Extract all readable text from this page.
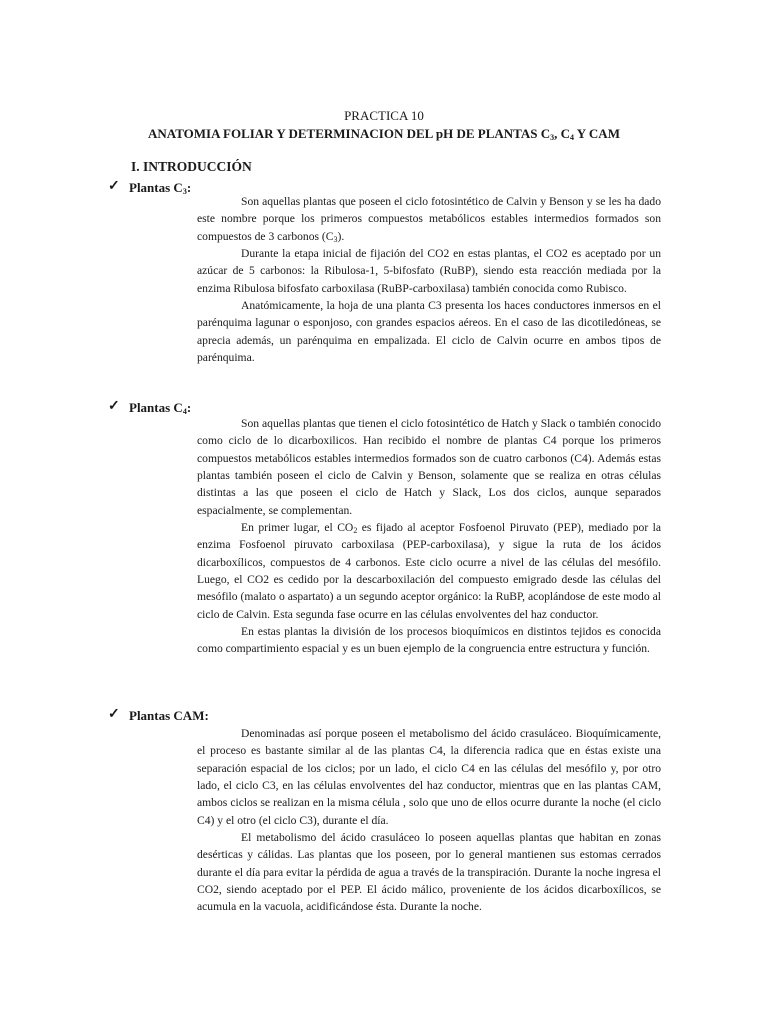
PRACTICA 10
ANATOMIA FOLIAR Y DETERMINACION DEL pH DE PLANTAS $C_3$, $C_4$ Y CAM
I. INTRODUCCIÓN
✓ Plantas $C_3$:

Son aquellas plantas que poseen el ciclo fotosintético de Calvin y Benson y se les ha dado este nombre porque los primeros compuestos metabólicos estables intermedios formados son compuestos de 3 carbonos $(C_3)$.

Durante la etapa inicial de fijación del CO2 en estas plantas, el CO2 es aceptado por un azúcar de 5 carbonos: la Ribulosa-1, 5-bifosfato (RuBP), siendo esta reacción mediada por la enzima Ribulosa bifosfato carboxilasa (RuBP-carboxilasa) también conocida como Rubisco.

Anatómicamente, la hoja de una planta C3 presenta los haces conductores inmersos en el parénquima lagunar o esponjoso, con grandes espacios aéreos. En el caso de las dicotiledóneas, se aprecia además, un parénquima en empalizada. El ciclo de Calvin ocurre en ambos tipos de parénquima.

✓ Plantas $C_4$:

Son aquellas plantas que tienen el ciclo fotosintético de Hatch y Slack o también conocido como ciclo de lo dicarboxilicos. Han recibido el nombre de plantas C4 porque los primeros compuestos metabólicos estables intermedios formados son de cuatro carbonos (C4). Además estas plantas también poseen el ciclo de Calvin y Benson, solamente que se realiza en otras células distintas a las que poseen el ciclo de Hatch y Slack, Los dos ciclos, aunque separados espacialmente, se complementan.

En primer lugar, el $CO_2$ es fijado al aceptor Fosfoenol Piruvato (PEP), mediado por la enzima Fosfoenol piruvato carboxilasa (PEP-carboxilasa), y sigue la ruta de los ácidos dicarboxílicos, compuestos de 4 carbonos. Este ciclo ocurre a nivel de las células del mesófilo. Luego, el CO2 es cedido por la descarboxilación del compuesto emigrado desde las células del mesófilo (malato o aspartato) a un segundo aceptor orgánico: la RuBP, acoplándose de este modo al ciclo de Calvin. Esta segunda fase ocurre en las células envolventes del haz conductor.

En estas plantas la división de los procesos bioquímicos en distintos tejidos es conocida como compartimiento espacial y es un buen ejemplo de la congruencia entre estructura y función.

✓ Plantas CAM:

Denominadas así porque poseen el metabolismo del ácido crasuláceo. Bioquímicamente, el proceso es bastante similar al de las plantas C4, la diferencia radica que en éstas existe una separación espacial de los ciclos; por un lado, el ciclo C4 en las células del mesófilo y, por otro lado, el ciclo C3, en las células envolventes del haz conductor, mientras que en las plantas CAM, ambos ciclos se realizan en la misma célula , solo que uno de ellos ocurre durante la noche (el ciclo C4) y el otro (el ciclo C3), durante el día.

El metabolismo del ácido crasuláceo lo poseen aquellas plantas que habitan en zonas desérticas y cálidas. Las plantas que los poseen, por lo general mantienen sus estomas cerrados durante el día para evitar la pérdida de agua a través de la transpiración. Durante la noche ingresa el CO2, siendo aceptado por el PEP. El ácido málico, proveniente de los ácidos dicarboxílicos, se acumula en la vacuola, acidificándose ésta. Durante la noche.
